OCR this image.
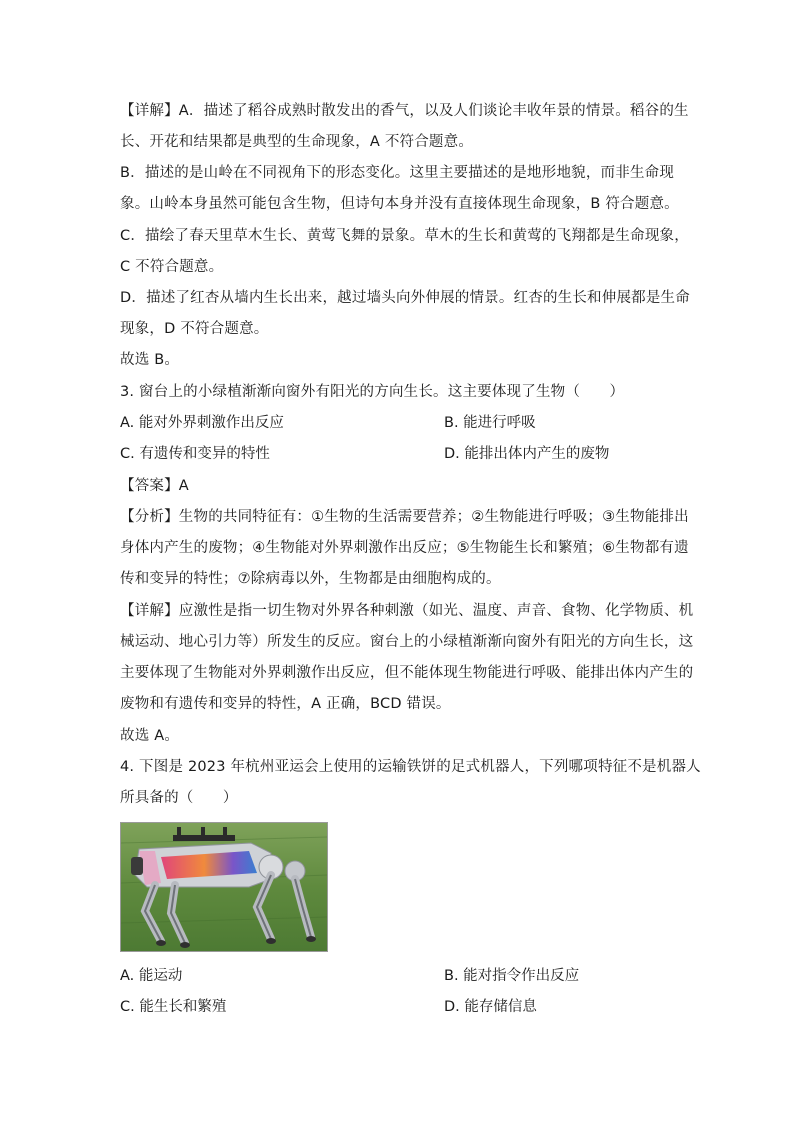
【详解】A．描述了稻谷成熟时散发出的香气，以及人们谈论丰收年景的情景。稻谷的生
长、开花和结果都是典型的生命现象，A 不符合题意。
B．描述的是山岭在不同视角下的形态变化。这里主要描述的是地形地貌，而非生命现
象。山岭本身虽然可能包含生物，但诗句本身并没有直接体现生命现象，B 符合题意。
C．描绘了春天里草木生长、黄莺飞舞的景象。草木的生长和黄莺的飞翔都是生命现象，
C 不符合题意。
D．描述了红杏从墙内生长出来，越过墙头向外伸展的情景。红杏的生长和伸展都是生命
现象，D 不符合题意。
故选 B。
3. 窗台上的小绿植渐渐向窗外有阳光的方向生长。这主要体现了生物（　　）
A. 能对外界刺激作出反应	B. 能进行呼吸
C. 有遗传和变异的特性	D. 能排出体内产生的废物
【答案】A
【分析】生物的共同特征有：①生物的生活需要营养；②生物能进行呼吸；③生物能排出
身体内产生的废物；④生物能对外界刺激作出反应；⑤生物能生长和繁殖；⑥生物都有遗
传和变异的特性；⑦除病毒以外，生物都是由细胞构成的。
【详解】应激性是指一切生物对外界各种刺激（如光、温度、声音、食物、化学物质、机
械运动、地心引力等）所发生的反应。窗台上的小绿植渐渐向窗外有阳光的方向生长，这
主要体现了生物能对外界刺激作出反应，但不能体现生物能进行呼吸、能排出体内产生的
废物和有遗传和变异的特性，A 正确，BCD 错误。
故选 A。
4. 下图是 2023 年杭州亚运会上使用的运输铁饼的足式机器人，下列哪项特征不是机器人
所具备的（　　）
A. 能运动	B. 能对指令作出反应
C. 能生长和繁殖	D. 能存储信息
